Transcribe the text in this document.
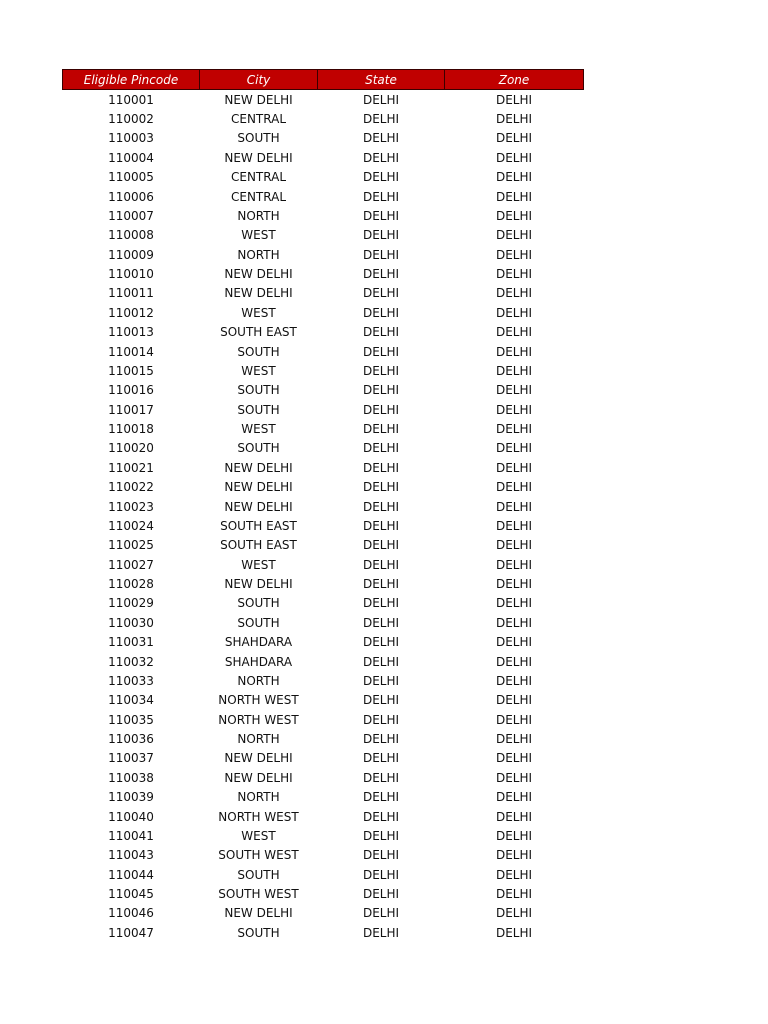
Eligible Pincode	City	State	Zone
110001	NEW DELHI	DELHI	DELHI
110002	CENTRAL	DELHI	DELHI
110003	SOUTH	DELHI	DELHI
110004	NEW DELHI	DELHI	DELHI
110005	CENTRAL	DELHI	DELHI
110006	CENTRAL	DELHI	DELHI
110007	NORTH	DELHI	DELHI
110008	WEST	DELHI	DELHI
110009	NORTH	DELHI	DELHI
110010	NEW DELHI	DELHI	DELHI
110011	NEW DELHI	DELHI	DELHI
110012	WEST	DELHI	DELHI
110013	SOUTH EAST	DELHI	DELHI
110014	SOUTH	DELHI	DELHI
110015	WEST	DELHI	DELHI
110016	SOUTH	DELHI	DELHI
110017	SOUTH	DELHI	DELHI
110018	WEST	DELHI	DELHI
110020	SOUTH	DELHI	DELHI
110021	NEW DELHI	DELHI	DELHI
110022	NEW DELHI	DELHI	DELHI
110023	NEW DELHI	DELHI	DELHI
110024	SOUTH EAST	DELHI	DELHI
110025	SOUTH EAST	DELHI	DELHI
110027	WEST	DELHI	DELHI
110028	NEW DELHI	DELHI	DELHI
110029	SOUTH	DELHI	DELHI
110030	SOUTH	DELHI	DELHI
110031	SHAHDARA	DELHI	DELHI
110032	SHAHDARA	DELHI	DELHI
110033	NORTH	DELHI	DELHI
110034	NORTH WEST	DELHI	DELHI
110035	NORTH WEST	DELHI	DELHI
110036	NORTH	DELHI	DELHI
110037	NEW DELHI	DELHI	DELHI
110038	NEW DELHI	DELHI	DELHI
110039	NORTH	DELHI	DELHI
110040	NORTH WEST	DELHI	DELHI
110041	WEST	DELHI	DELHI
110043	SOUTH WEST	DELHI	DELHI
110044	SOUTH	DELHI	DELHI
110045	SOUTH WEST	DELHI	DELHI
110046	NEW DELHI	DELHI	DELHI
110047	SOUTH	DELHI	DELHI
